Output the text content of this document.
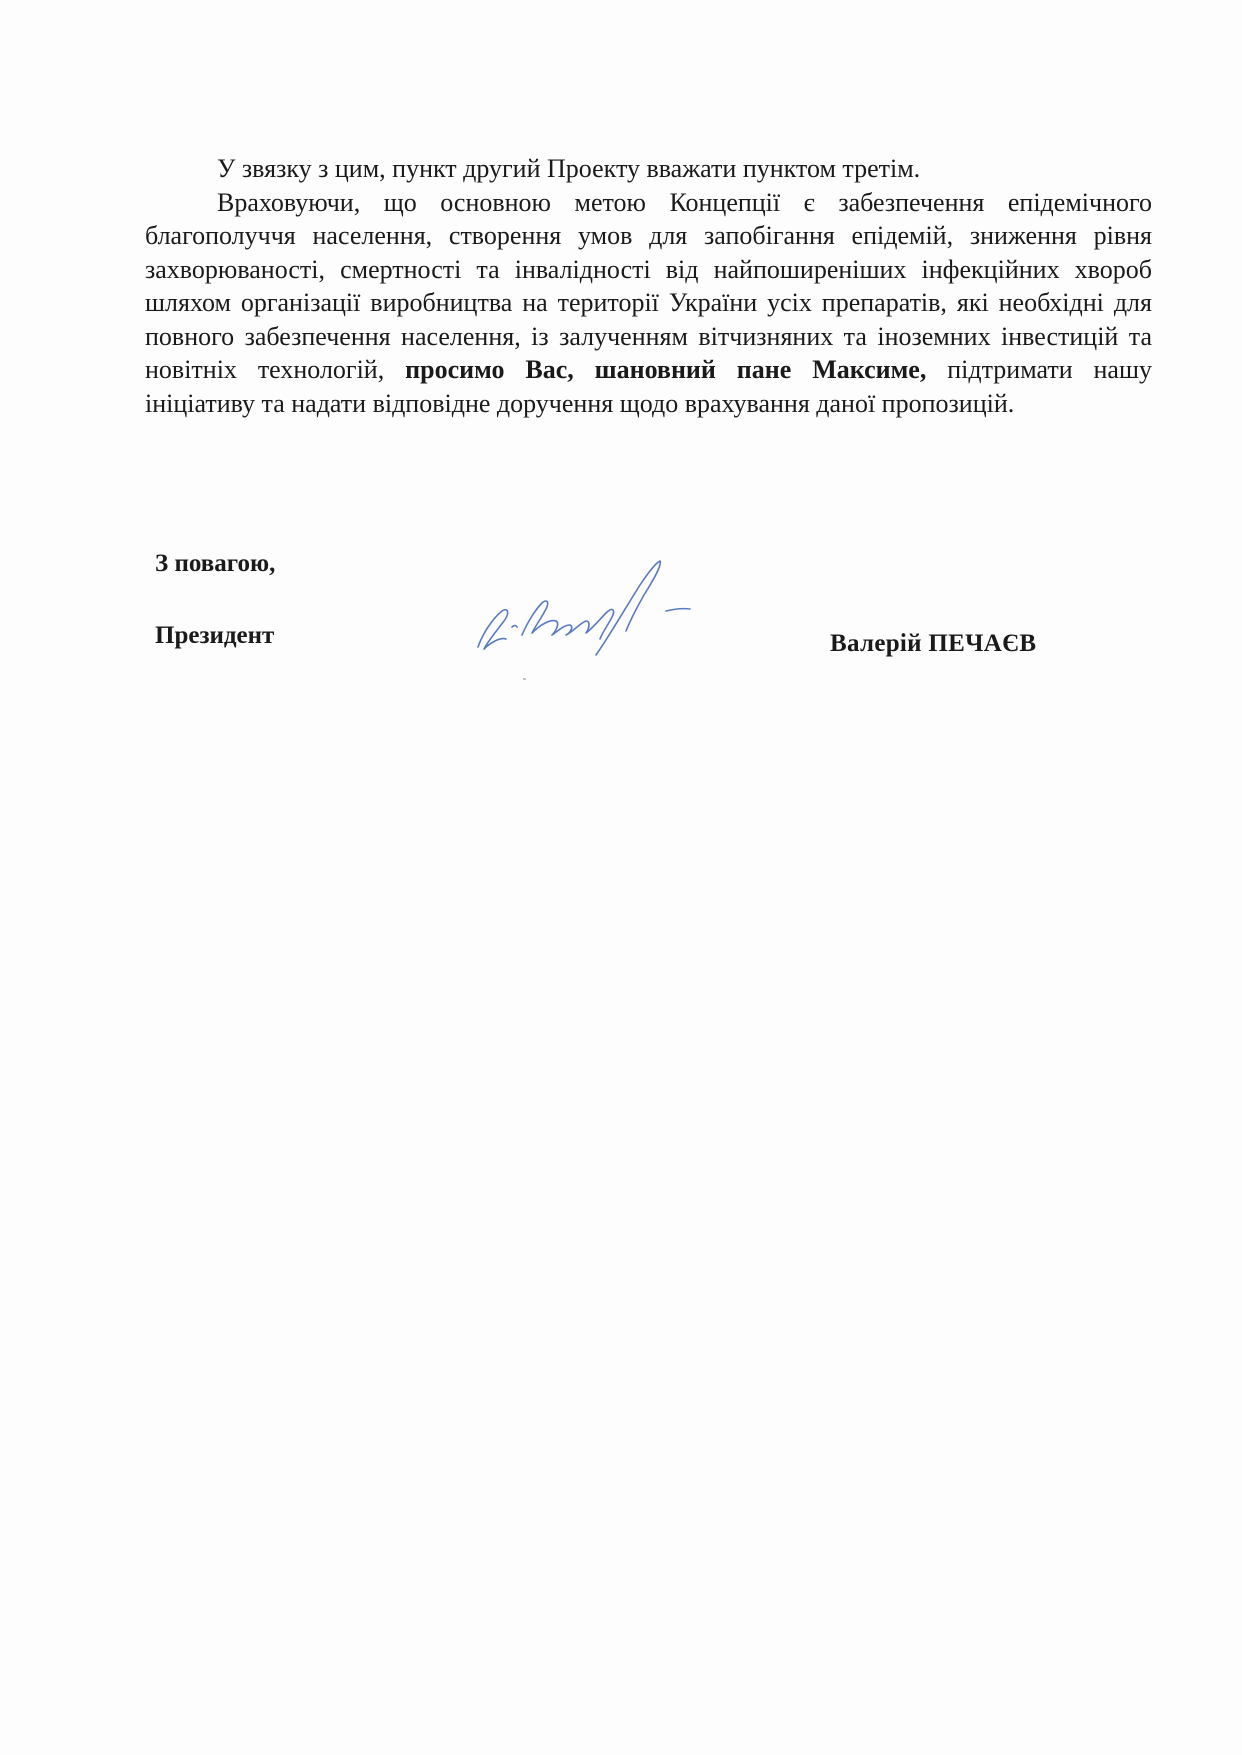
У звязку з цим, пункт другий Проекту вважати пунктом третім.

Враховуючи, що основною метою Концепції є забезпечення епідемічного благополуччя населення, створення умов для запобігання епідемій, зниження рівня захворюваності, смертності та інвалідності від найпоширеніших інфекційних хвороб шляхом організації виробництва на території України усіх препаратів, які необхідні для повного забезпечення населення, із залученням вітчизняних та іноземних інвестицій та новітніх технологій, просимо Вас, шановний пане Максиме, підтримати нашу ініціативу та надати відповідне доручення щодо врахування даної пропозицій.

З повагою,
Президент	Валерій ПЕЧАЄВ
